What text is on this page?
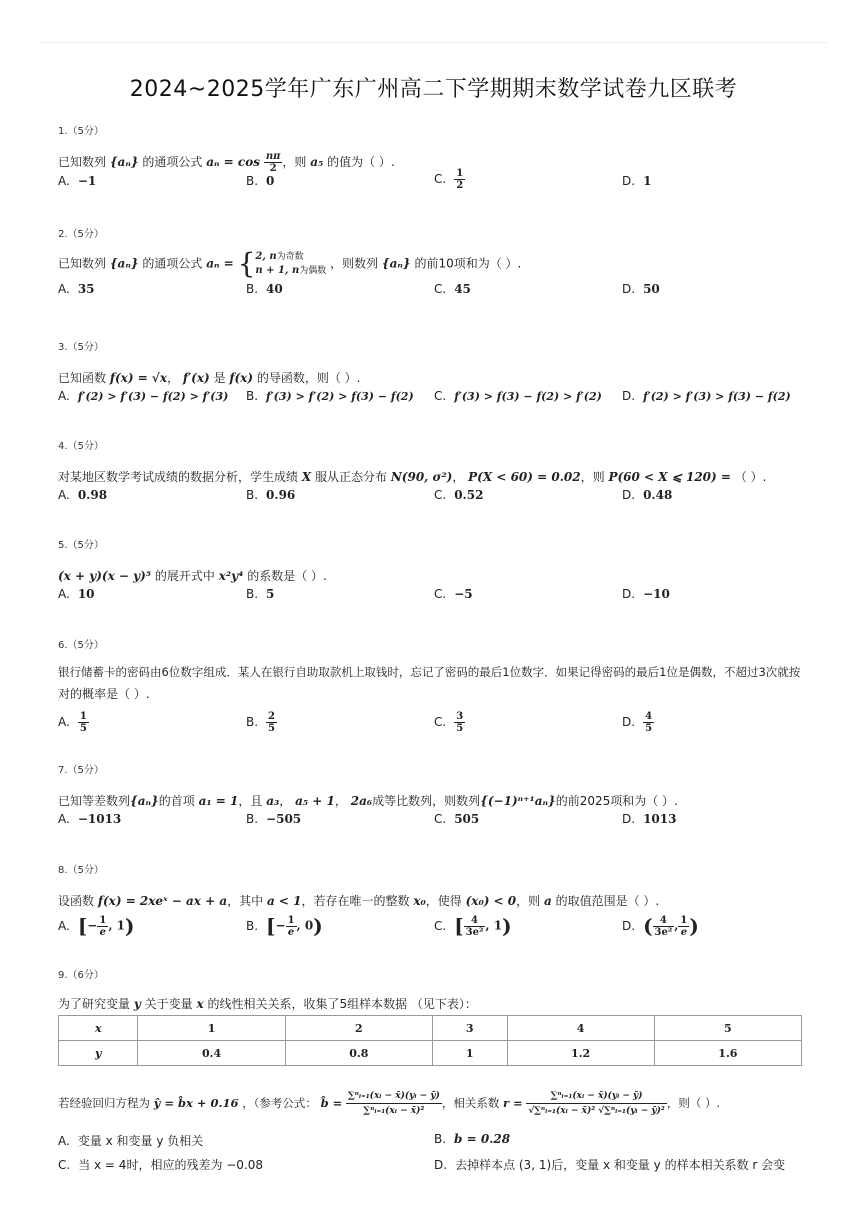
2024~2025学年广东广州高二下学期期末数学试卷九区联考
1.（5分）
已知数列 {aₙ} 的通项公式 $a_n = \cos \frac{n\pi}{2}$ ，则 a₅ 的值为（ ）.
A. −1	B. 0	C. $\frac{1}{2}$	D. 1
2.（5分）
已知数列 {aₙ} 的通项公式 aₙ = { 2, n为奇数
n + 1, n为偶数
，则数列 {aₙ} 的前10项和为（ ）.
A. 35	B. 40	C. 45	D. 50
3.（5分）
已知函数 f(x) = √x， f′(x) 是 f(x) 的导函数，则（ ）.
A. f′(2) > f′(3) − f(2) > f′(3) B. f′(3) > f′(2) > f(3) − f(2) C. f′(3) > f(3) − f(2) > f′(2) D. f′(2) > f′(3) > f(3) − f(2)
4.（5分）
对某地区数学考试成绩的数据分析，学生成绩 X 服从正态分布 N(90, σ²)， P(X < 60) = 0.02，则 P(60 < X ⩽ 120) = （ ）.
A. 0.98	B. 0.96	C. 0.52	D. 0.48
5.（5分）
(x + y)(x − y)⁵ 的展开式中 x²y⁴ 的系数是（ ）.
A. 10	B. 5	C. −5	D. −10
6.（5分）
银行储蓄卡的密码由6位数字组成．某人在银行自助取款机上取钱时，忘记了密码的最后1位数字．如果记得密码的最后1位是偶数，不超过3次就按
对的概率是（ ）.
A. $\frac{1}{5}$	B. $\frac{2}{5}$	C. $\frac{3}{5}$	D. $\frac{4}{5}$
7.（5分）
已知等差数列{aₙ}的首项 a₁ = 1，且 a₃， a₅ + 1， 2a₆成等比数列，则数列{(−1)ⁿ⁺¹aₙ}的前2025项和为（ ）.
A. −1013	B. −505	C. 505	D. 1013
8.（5分）
设函数 f(x) = 2xeˣ − ax + a，其中 a < 1，若存在唯一的整数 x₀，使得 (x₀) < 0，则 a 的取值范围是（ ）.
A. [− $\frac{1}{e}$ , 1)	B. [− $\frac{1}{e}$ , 0)	C. [ $\frac{4}{\text{3e²}}$ , 1)	D. ( $\frac{4}{\text{3e²}}$ , $\frac{1}{e}$ )
9.（6分）
为了研究变量 y 关于变量 x 的线性相关关系，收集了5组样本数据 （见下表）：
x	1	2	3	4	5
y	0.4	0.8	1	1.2	1.6
若经验回归方程为 ŷ = b̂x + 0.16 ，（参考公式： b̂ = $\frac{\text{∑ⁿᵢ₌₁(xᵢ − x̄)(yᵢ − ȳ)}}{\text{∑ⁿᵢ₌₁(xᵢ − x̄)²}}$ ，相关系数 $r = \frac{\text{∑ⁿᵢ₌₁(xᵢ − x̄)(yᵢ − ȳ)}}{\text{√∑ⁿᵢ₌₁(xᵢ − x̄)² √∑ⁿᵢ₌₁(yᵢ − ȳ)²}}$ ，则（ ）.
A. 变量 x 和变量 y 负相关	B. b = 0.28
C. 当 x = 4时，相应的残差为 −0.08	D. 去掉样本点 (3, 1)后，变量 x 和变量 y 的样本相关系数 r 会变
